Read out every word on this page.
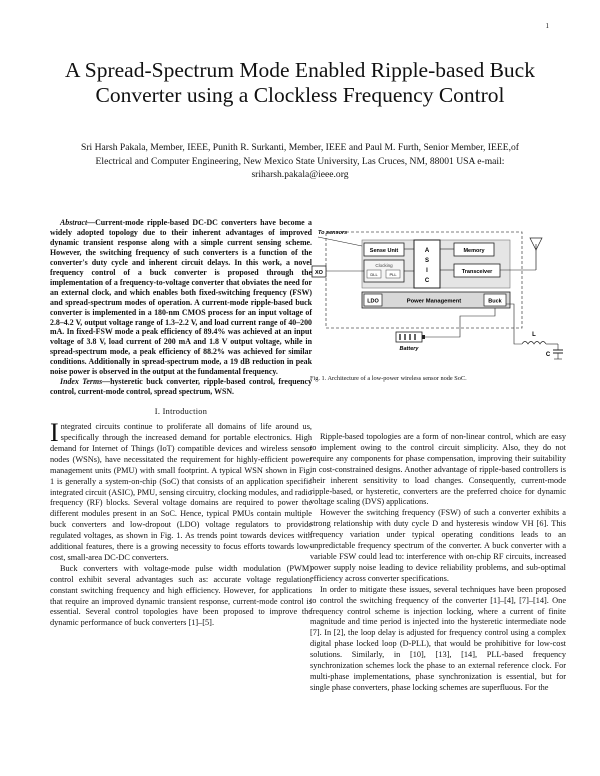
1
A Spread-Spectrum Mode Enabled Ripple-based Buck Converter using a Clockless Frequency Control
Sri Harsh Pakala, Member, IEEE, Punith R. Surkanti, Member, IEEE and Paul M. Furth, Senior Member, IEEE,of
Electrical and Computer Engineering, New Mexico State University, Las Cruces, NM, 88001 USA e-mail:
sriharsh.pakala@ieee.org

Abstract—Current-mode ripple-based DC-DC converters have become a widely adopted topology due to their inherent advantages of improved dynamic transient response along with a simple current sensing scheme. However, the switching frequency of such converters is a function of the converter's duty cycle and inherent circuit delays. In this work, a novel frequency control of a buck converter is proposed through the implementation of a frequency-to-voltage converter that obviates the need for an external clock, and which enables both fixed-switching frequency (FSW) and spread-spectrum modes of operation. A current-mode ripple-based buck converter is implemented in a 180-nm CMOS process for an input voltage of 2.8–4.2 V, output voltage range of 1.3–2.2 V, and load current range of 40–200 mA. In fixed-FSW mode a peak efficiency of 89.4% was achieved at an input voltage of 3.8 V, load current of 200 mA and 1.8 V output voltage, while in spread-spectrum mode, a peak efficiency of 88.2% was achieved for similar conditions. Additionally in spread-spectrum mode, a 19 dB reduction in peak noise power is observed in the output at the fundamental frequency.

Index Terms—hysteretic buck converter, ripple-based control, frequency control, current-mode control, spread spectrum, WSN.

I. Introduction

Integrated circuits continue to proliferate all domains of life around us, specifically through the increased demand for portable electronics. High demand for Internet of Things (IoT) compatible devices and wireless sensor nodes (WSNs), have necessitated the requirement for highly-efficient power management units (PMU) with small footprint. A typical WSN shown in Fig. 1 is generally a system-on-chip (SoC) that consists of an application specific integrated circuit (ASIC), PMU, sensing circuitry, clocking modules, and radio frequency (RF) blocks. Several voltage domains are required to power the different modules present in an SoC. Hence, typical PMUs contain multiple buck converters and low-dropout (LDO) voltage regulators to provide regulated voltages, as shown in Fig. 1. As trends point towards devices with additional features, there is a growing necessity to focus efforts towards low-cost, small-area DC-DC converters.

Buck converters with voltage-mode pulse width modulation (PWM) control exhibit several advantages such as: accurate voltage regulation, constant switching frequency and high efficiency. However, for applications that require an improved dynamic transient response, current-mode control is essential. Several control topologies have been proposed to improve the dynamic performance of buck converters [1]–[5].

To sensors
Sense Unit
Clocking
DLL	PLL
XO
A
S
I
C
Memory
Transceiver
LDO	Power Management	Buck
Battery
L
C
Fig. 1. Architecture of a low-power wireless sensor node SoC.

Ripple-based topologies are a form of non-linear control, which are easy to implement owing to the control circuit simplicity. Also, they do not require any components for phase compensation, improving their suitability in cost-constrained designs. Another advantage of ripple-based controllers is their inherent sensitivity to load changes. Consequently, current-mode ripple-based, or hysteretic, converters are the preferred choice for dynamic voltage scaling (DVS) applications.

However the switching frequency (FSW) of such a converter exhibits a strong relationship with duty cycle D and hysteresis window VH [6]. This frequency variation under typical operating conditions leads to an unpredictable frequency spectrum of the converter. A buck converter with a variable FSW could lead to: interference with on-chip RF circuits, increased power supply noise leading to device reliability problems, and sub-optimal efficiency across converter specifications.

In order to mitigate these issues, several techniques have been proposed to control the switching frequency of the converter [1]–[4], [7]–[14]. One frequency control scheme is injection locking, where a current of finite magnitude and time period is injected into the hysteretic intermediate node [7]. In [2], the loop delay is adjusted for frequency control using a complex digital phase locked loop (D-PLL), that would be prohibitive for low-cost solutions. Similarly, in [10], [13], [14], PLL-based frequency synchronization schemes lock the phase to an external reference clock. For multi-phase implementations, phase synchronization is essential, but for single phase converters, phase locking schemes are superfluous. For the
